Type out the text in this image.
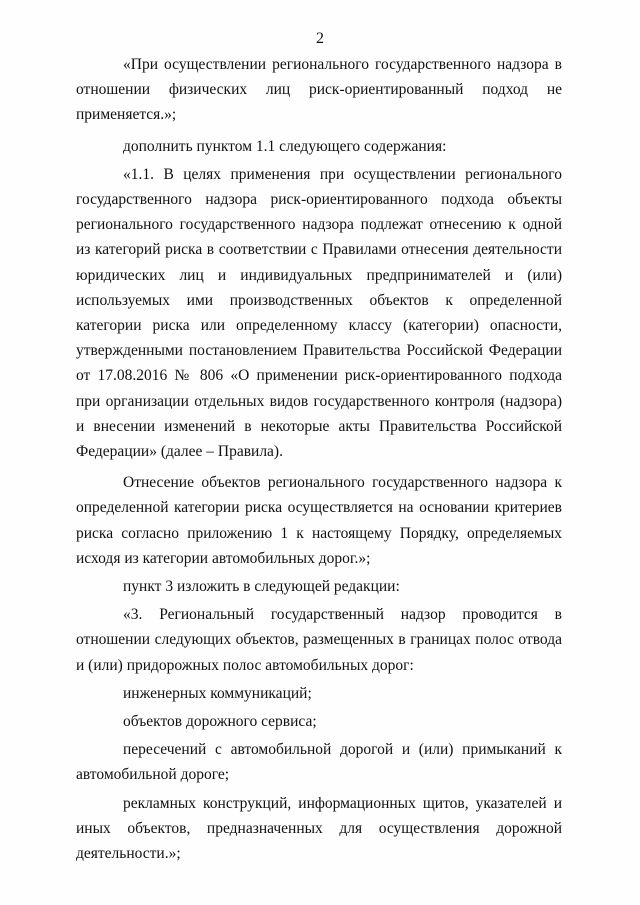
2

«При осуществлении регионального государственного надзора в отношении физических лиц риск-ориентированный подход не применяется.»;

дополнить пунктом 1.1 следующего содержания:

«1.1. В целях применения при осуществлении регионального государственного надзора риск-ориентированного подхода объекты регионального государственного надзора подлежат отнесению к одной из категорий риска в соответствии с Правилами отнесения деятельности юридических лиц и индивидуальных предпринимателей и (или) используемых ими производственных объектов к определенной категории риска или определенному классу (категории) опасности, утвержденными постановлением Правительства Российской Федерации от 17.08.2016 № 806 «О применении риск-ориентированного подхода при организации отдельных видов государственного контроля (надзора) и внесении изменений в некоторые акты Правительства Российской Федерации» (далее – Правила).

Отнесение объектов регионального государственного надзора к определенной категории риска осуществляется на основании критериев риска согласно приложению 1 к настоящему Порядку, определяемых исходя из категории автомобильных дорог.»;

пункт 3 изложить в следующей редакции:

«3. Региональный государственный надзор проводится в отношении следующих объектов, размещенных в границах полос отвода и (или) придорожных полос автомобильных дорог:

инженерных коммуникаций;

объектов дорожного сервиса;

пересечений с автомобильной дорогой и (или) примыканий к автомобильной дороге;

рекламных конструкций, информационных щитов, указателей и иных объектов, предназначенных для осуществления дорожной деятельности.»;
